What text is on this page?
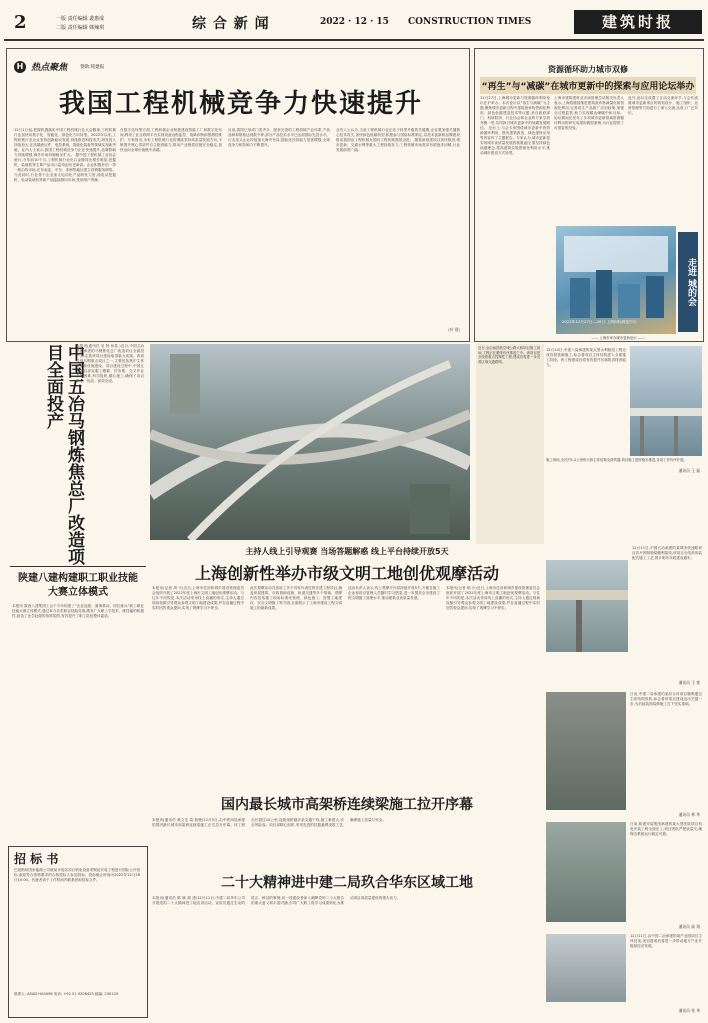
2	一版 责任编辑 裴惠成
二版 责任编辑 韩辣琪	综 合 新 闻	2022 · 12 · 15 CONSTRUCTION TIMES	建筑时报
H 热点聚焦	赞助:铭建报
我国工程机械竞争力快速提升
12月1日起,把握机遇落实中国工程机械行业大会精神,工程机械行业加快向数字化、智能化、绿色化方向转型。2022年以来,工程机械行业企业坚持创新驱动发展,持续推进科技攻关,研发投入持续加大,在高端液压件、电控系统、智能化装备等领域实现新突破。业内人士表示,我国工程机械竞争力正在快速提升,品牌影响力持续增强,海外市场份额稳步扩大。 据中国工程机械工业协会统计,今年前10个月,工程机械行业出口金额同比增长明显,挖掘机、装载机等主要产品出口量均创历史新高。企业积极开拓一带一路沿线市场,在东南亚、中东、非洲等地区建立营销服务网络。与此同时,行业骨干企业加大电动化产品研发力度,纯电动挖掘机、电动装载机等新产品陆续推向市场,受到用户青睐。
在数字化转型方面,工程机械企业积极建设智能工厂和数字化车间,利用工业互联网平台实现设备远程监控、故障诊断和预测性维护。专家指出,未来工程机械行业将继续坚持高质量发展方向,不断提升核心零部件自主配套能力,推动产业链供应链安全稳定,加快迈向全球价值链中高端。
目前,我国已形成门类齐全、配套完善的工程机械产业体系,产品品种和规格达到数千种,部分产品技术水平已达到国际先进水平。行业龙头企业持续加大海外布局,国际化经营能力显著增强,全球竞争力和影响力不断提升。
业内人士认为,当前工程机械行业正处于转型升级的关键期,企业要加强关键核心技术攻关,加快绿色低碳转型,积极参与国际标准制定,以技术创新和品牌建设推动我国由工程机械大国向工程机械强国迈进。 随着新基建项目加快推进,城市更新、交通水利等重大工程持续发力,工程机械市场需求有望逐步回暖,行业发展前景广阔。
(叶 建)
资源循环助力城市双修
“再生”与“减碳”在城市更新中的探索与应用论坛举办
11月27日,上海城市更新与资源循环利用论坛在沪举办。本次论坛以“再生与减碳”为主题,聚焦城市更新过程中建筑废弃物资源化利用、绿色低碳建造技术等议题,来自政府部门、科研院所、行业协会和企业的专家学者齐聚一堂,共同探讨城市更新中的低碳发展路径。 论坛上,与会专家围绕城市更新中的资源循环利用、既有建筑改造、绿色建材应用等内容作了主题报告。专家认为,城市更新是实现城市高质量发展的重要途径,要坚持绿色低碳理念,提高建筑垃圾资源化利用水平,推动城市建设方式转型。
上海市建筑建材业市场管理总站相关负责人表示,上海将继续推进建筑废弃物减量化和资源化利用,完善再生产品推广应用政策,加强全过程监管,助力实现碳达峰碳中和目标。 论坛期间还发布了多项城市更新领域资源循环利用的研究成果和典型案例,为行业提供了可借鉴的经验。
此外,论坛还设置了互动交流环节,与会代表就城市更新项目的规划设计、施工组织、运营管理等方面进行了深入交流,达成了广泛共识。
2022年12月27日—29日 上海国际展览中心
走进 城的会
—— 上海市举办城市更新论坛 ——
中国五冶马钢炼焦总厂改造项目全面投产	本报讯(通讯员 吴 特 孙卷 )近日,中国五冶集团承建的马钢焦化总厂改造项目全面投产,标志着该项目建设取得重大成果。该项目是马钢重点项目之一,主要包括焦炉主体及配套设施建设。项目建设过程中,中国五冶项目部克服工期紧、任务重、交叉作业多等困难,科学组织,精心施工,确保了项目安全、优质、高效完成。
陕建八建构建职工职业技能大赛立体模式
本报讯 陕西八建集团工会于今年构建了“企业选拔、赛事推动、岗位练兵”职工职业技能大赛立体模式,通过举办各类职业技能竞赛,激发广大职工学技术、练技能的积极性,营造了比学赶超的浓厚氛围,有效提升了职工队伍整体素质。
近日,全由南昌航空城公路大桥项目施工现场,工程正在紧张有序推进之中。该项目是全线的重点控制性工程,建成后将进一步完善区域交通路网。
主持人线上引导观赛 当场答题解惑 线上平台持续开放5天
上海创新性举办市级文明工地创优观摩活动
本报讯(记者 胡 小)近日,上海市住房和城乡建设管理委员会组织开展了2022年度上海市文明工地创优观摩活动。与往年不同的是,本次活动采用线上直播的形式,主持人通过现场视频引导观众参观文明工地建设成果,并在直播过程中实时回答观众提问,实现了观摩学习不停步。
此次观摩活动共选取了多个具有代表性的在建工程项目,涵盖房屋建筑、市政基础设施、轨道交通等多个领域。观摩内容包括施工现场标准化管理、绿色施工、智慧工地建设、安全文明施工等方面,全面展示了上海市建设工程文明施工的最新成果。
活动负责人表示,线上观摩平台将持续开放5天,方便各施工企业和项目管理人员随时学习借鉴,进一步提高全市建设工程文明施工管理水平,推动建筑业高质量发展。
本报讯(记者 胡 小)近日,上海市住房和城乡建设管理委员会组织开展了2022年度上海市文明工地创优观摩活动。与往年不同的是,本次活动采用线上直播的形式,主持人通过现场视频引导观众参观文明工地建设成果,并在直播过程中实时回答观众提问,实现了观摩学习不停步。
国内最长城市高架桥连续梁施工拉开序幕
本报讯(通讯员 黄文龙 葛 航俊)12月5日,由中铁四局承建的国内最长城市高架桥连续梁施工正式拉开序幕。该工程全长超过10公里,连续梁跨越多条交通干线,施工难度大,安全风险高。项目部精心组织,采用先进的挂篮悬臂浇筑工艺,确保施工质量与安全。
二十大精神进中建二局玖合华东区域工地
本报讯(通讯员 陈 晓 胡 建)12月11日,中建二局华东公司开展党的二十大精神进工地宣讲活动。宣讲员通过生动的语言、鲜活的事例,向一线建设者深入阐释党的二十大报告的重大意义和丰富内涵,引导广大职工将学习成果转化为推动项目高质量建设的强大动力。
12月10日,中建八局承建的某大型水利枢纽工程完成首段管廊施工,标志着项目主体结构进入全面施工阶段。该工程建成后将有效提升区域防洪排涝能力。
施工现场,全长约1.2公里的大桥主体结构全面贯通,项目施工进度稳步推进,各项工作有序开展。
通讯员 王 磊
12月11日,中国五冶承建的某城市快速路项目首片预制箱梁顺利架设,该项目全线采用装配式施工工艺,预计明年年底建成通车。
通讯员 王 豪
日前,中建二局承建的某综合体项目顺利通过主体结构验收,标志着该项目建设迈出关键一步,为后续装饰装修施工打下坚实基础。
通讯员 林 华
日前,陕建安装集团承建的某大型医院项目机电安装工程全面完工,项目团队严把质量关,确保各系统运行稳定可靠。
通讯员 高 翔
12月11日,由中国二冶承建的某产业园项目主体封顶,项目建成后将进一步带动地方产业升级和经济发展。
通讯员 张 华
招 标 书
巴基斯坦国家能源公司就某水电站项目机电设备采购及安装工程进行国际公开招标,欢迎符合资格要求的合格投标人参加投标。投标截止时间为2022年12月26日10:00。有意者请于工作时间内联系获取招标文件。
联系人: ASAD HASHMI 电话: +92 51 9208425 邮编: 230129
